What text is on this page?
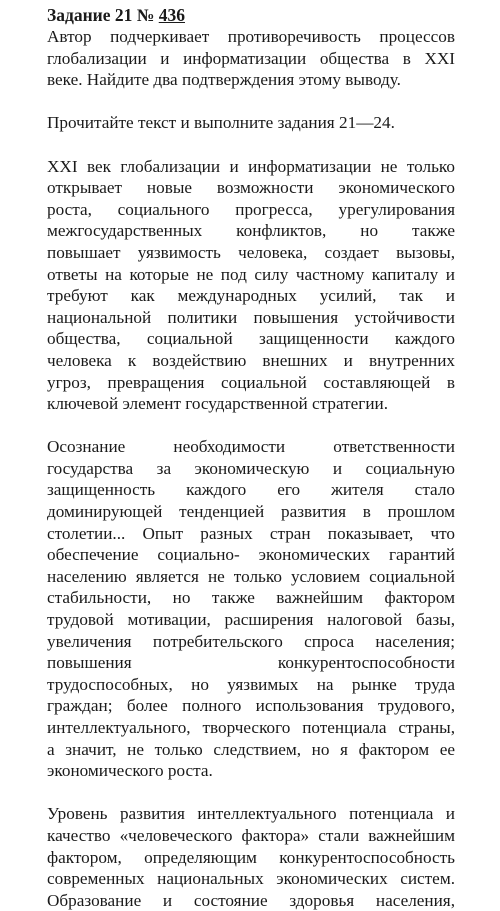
Задание 21 № 436
Автор подчеркивает противоречивость процессов
глобализации и информатизации общества в XXI
веке. Найдите два подтверждения этому выводу.
Прочитайте текст и выполните задания 21—24.
XXI век глобализации и информатизации не только
открывает новые возможности экономического
роста, социального прогресса, урегулирования
межгосударственных конфликтов, но также
повышает уязвимость человека, создает вызовы,
ответы на которые не под силу частному капиталу и
требуют как международных усилий, так и
национальной политики повышения устойчивости
общества, социальной защищенности каждого
человека к воздействию внешних и внутренних
угроз, превращения социальной составляющей в
ключевой элемент государственной стратегии.
Осознание необходимости ответственности
государства за экономическую и социальную
защищенность каждого его жителя стало
доминирующей тенденцией развития в прошлом
столетии... Опыт разных стран показывает, что
обеспечение социально- экономических гарантий
населению является не только условием социальной
стабильности, но также важнейшим фактором
трудовой мотивации, расширения налоговой базы,
увеличения потребительского спроса населения;
повышения конкурентоспособности
трудоспособных, но уязвимых на рынке труда
граждан; более полного использования трудового,
интеллектуального, творческого потенциала страны,
а значит, не только следствием, но я фактором ее
экономического роста.
Уровень развития интеллектуального потенциала и
качество «человеческого фактора» стали важнейшим
фактором, определяющим конкурентоспособность
современных национальных экономических систем.
Образование и состояние здоровья населения,
